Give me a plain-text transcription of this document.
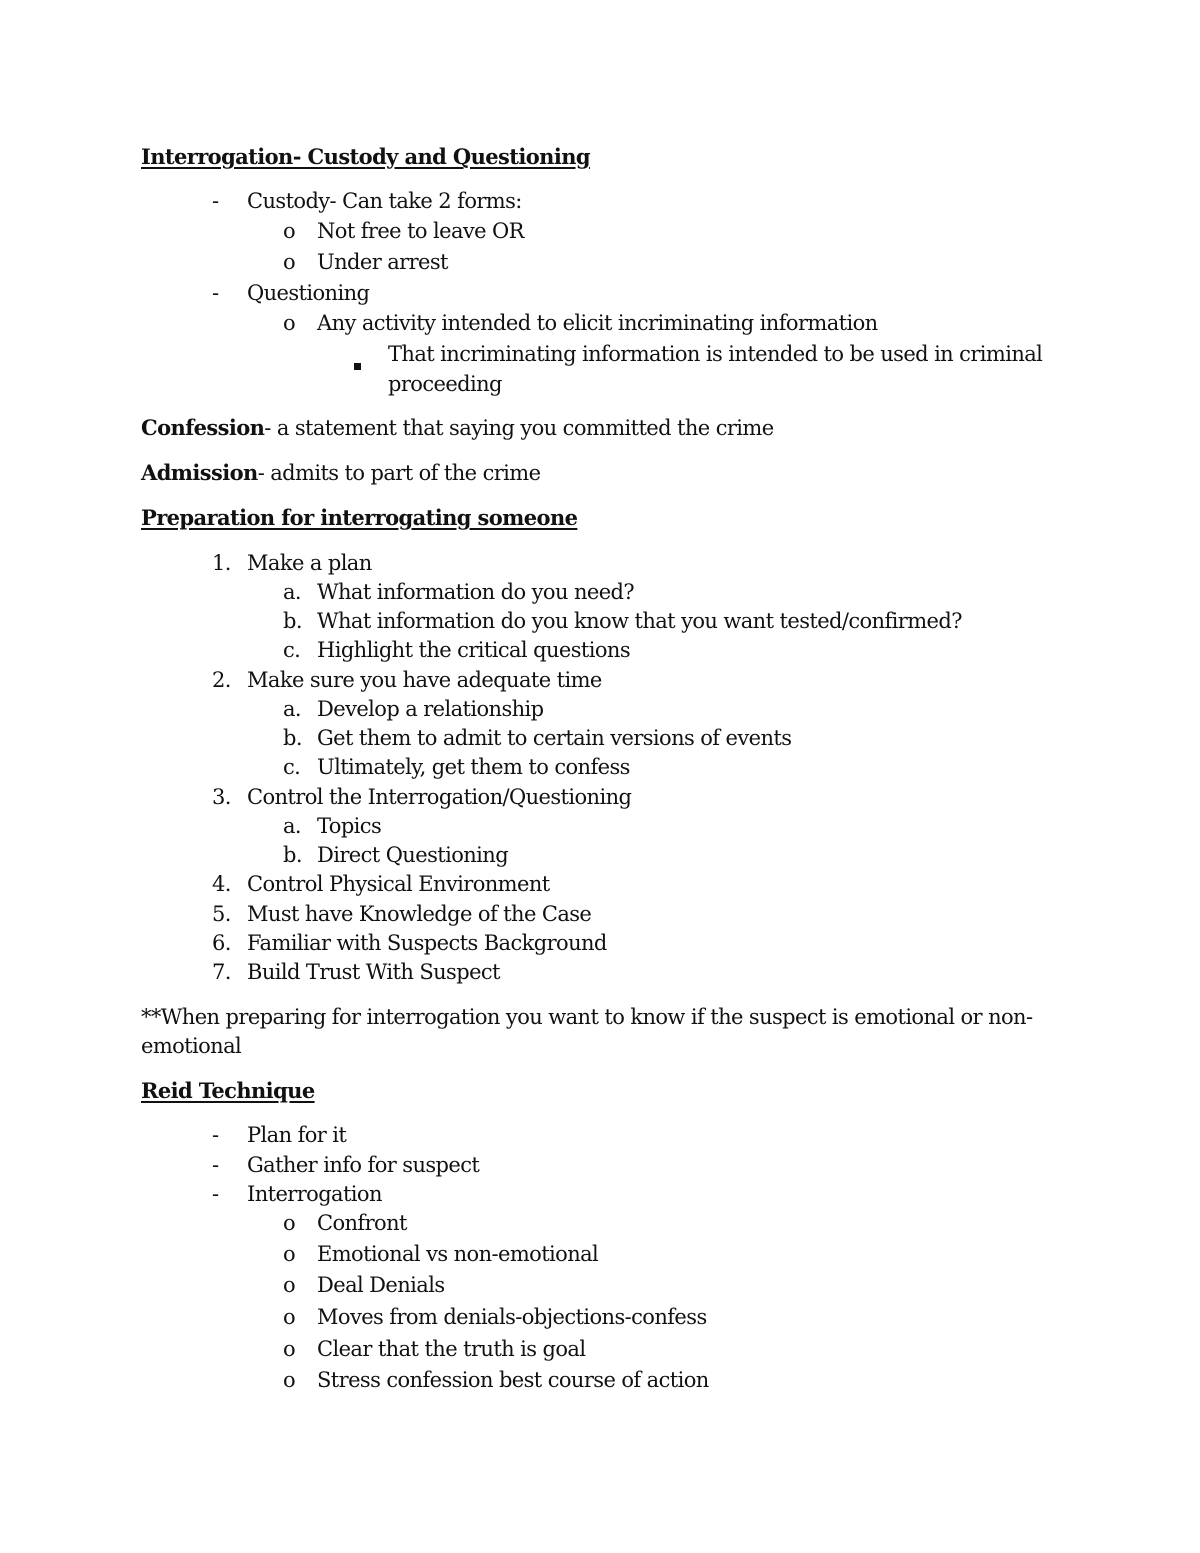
Interrogation- Custody and Questioning
- Custody- Can take 2 forms:
o Not free to leave OR
o Under arrest
- Questioning
o Any activity intended to elicit incriminating information
That incriminating information is intended to be used in criminal
proceeding
Confession- a statement that saying you committed the crime
Admission- admits to part of the crime
Preparation for interrogating someone
1. Make a plan
a. What information do you need?
b. What information do you know that you want tested/confirmed?
c. Highlight the critical questions
2. Make sure you have adequate time
a. Develop a relationship
b. Get them to admit to certain versions of events
c. Ultimately, get them to confess
3. Control the Interrogation/Questioning
a. Topics
b. Direct Questioning
4. Control Physical Environment
5. Must have Knowledge of the Case
6. Familiar with Suspects Background
7. Build Trust With Suspect
**When preparing for interrogation you want to know if the suspect is emotional or non-
emotional
Reid Technique
- Plan for it
- Gather info for suspect
- Interrogation
o Confront
o Emotional vs non-emotional
o Deal Denials
o Moves from denials-objections-confess
o Clear that the truth is goal
o Stress confession best course of action
